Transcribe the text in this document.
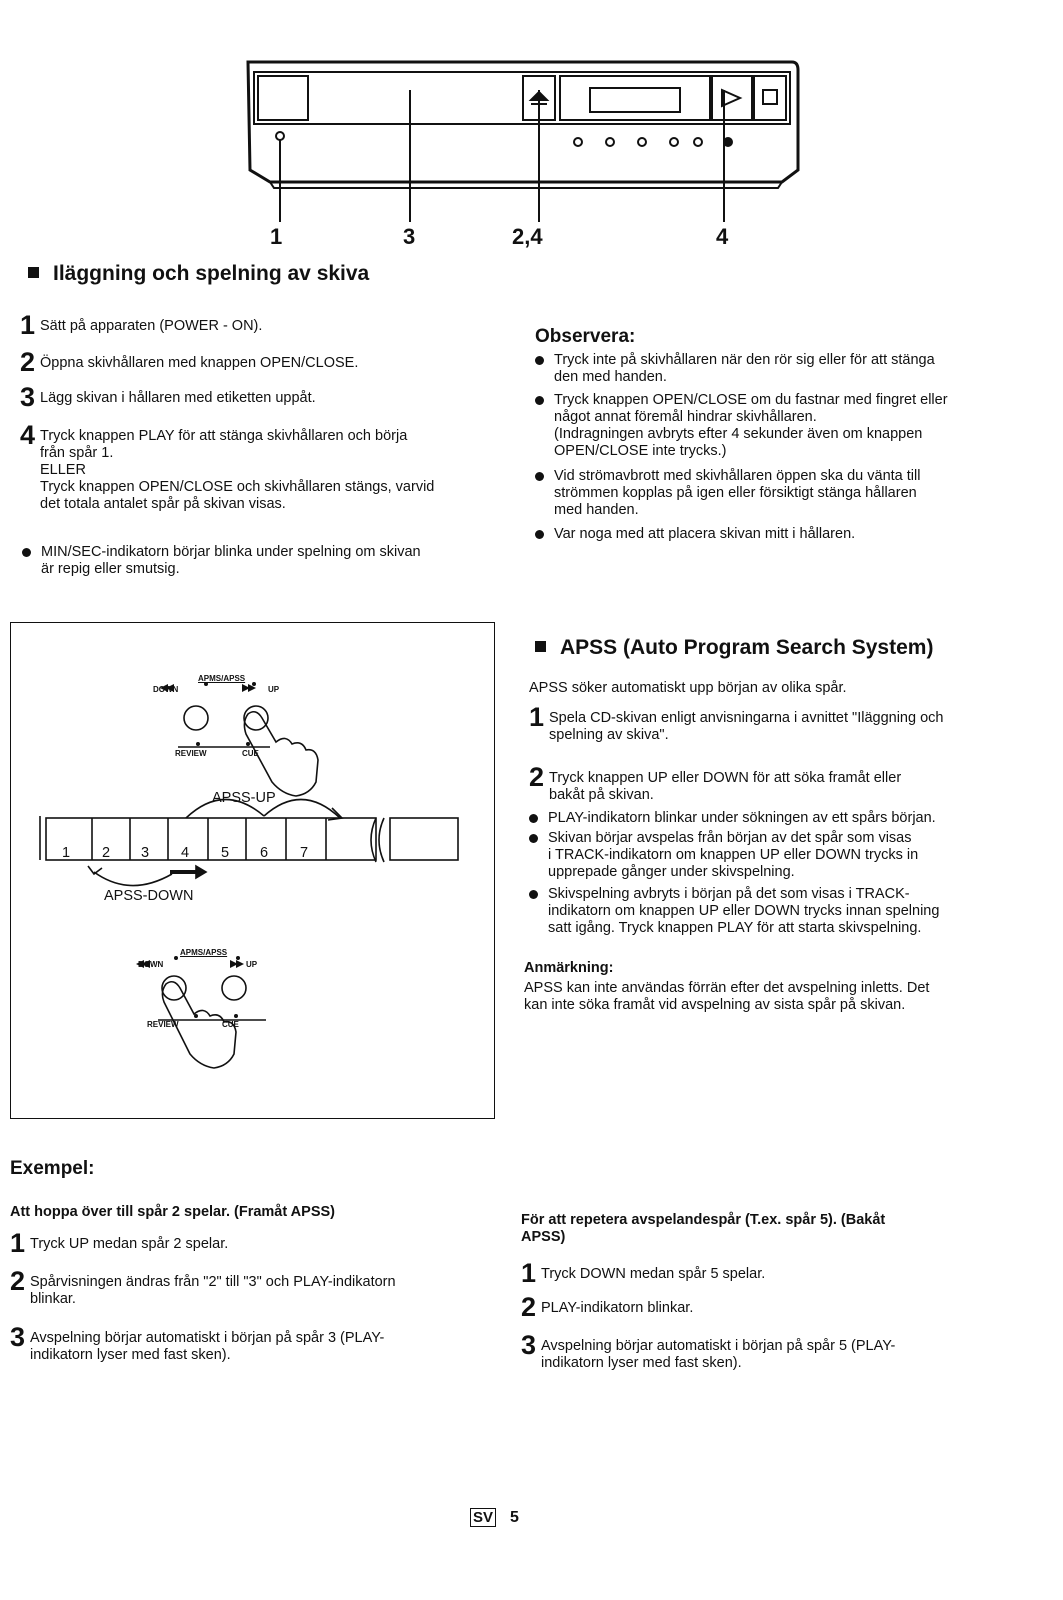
1	3	2,4	4
Iläggning och spelning av skiva
1 Sätt på apparaten (POWER - ON).
2 Öppna skivhållaren med knappen OPEN/CLOSE.
3 Lägg skivan i hållaren med etiketten uppåt.
4 Tryck knappen PLAY för att stänga skivhållaren och börja
från spår 1.
ELLER
Tryck knappen OPEN/CLOSE och skivhållaren stängs, varvid
det totala antalet spår på skivan visas.
MIN/SEC-indikatorn börjar blinka under spelning om skivan
är repig eller smutsig.
Observera:
Tryck inte på skivhållaren när den rör sig eller för att stänga
den med handen.
Tryck knappen OPEN/CLOSE om du fastnar med fingret eller
något annat föremål hindrar skivhållaren.
(Indragningen avbryts efter 4 sekunder även om knappen
OPEN/CLOSE inte trycks.)
Vid strömavbrott med skivhållaren öppen ska du vänta till
strömmen kopplas på igen eller försiktigt stänga hållaren
med handen.
Var noga med att placera skivan mitt i hållaren.
APMS/APSS
DOWN	UP
REVIEW	CUE
APSS-UP
1 2 3 4 5 6 7
APSS-DOWN
APMS/APSS
DOWN	UP
REVIEW	CUE
APSS (Auto Program Search System)
APSS söker automatiskt upp början av olika spår.
1 Spela CD-skivan enligt anvisningarna i avnittet "Iläggning och
spelning av skiva".
2 Tryck knappen UP eller DOWN för att söka framåt eller
bakåt på skivan.
PLAY-indikatorn blinkar under sökningen av ett spårs början.
Skivan börjar avspelas från början av det spår som visas
i TRACK-indikatorn om knappen UP eller DOWN trycks in
upprepade gånger under skivspelning.
Skivspelning avbryts i början på det som visas i TRACK-
indikatorn om knappen UP eller DOWN trycks innan spelning
satt igång. Tryck knappen PLAY för att starta skivspelning.
Anmärkning:
APSS kan inte användas förrän efter det avspelning inletts. Det
kan inte söka framåt vid avspelning av sista spår på skivan.
Exempel:
Att hoppa över till spår 2 spelar. (Framåt APSS)
1 Tryck UP medan spår 2 spelar.
2 Spårvisningen ändras från "2" till "3" och PLAY-indikatorn
blinkar.
3 Avspelning börjar automatiskt i början på spår 3 (PLAY-
indikatorn lyser med fast sken).
För att repetera avspelandespår (T.ex. spår 5). (Bakåt
APSS)
1 Tryck DOWN medan spår 5 spelar.
2 PLAY-indikatorn blinkar.
3 Avspelning börjar automatiskt i början på spår 5 (PLAY-
indikatorn lyser med fast sken).
SV 5
